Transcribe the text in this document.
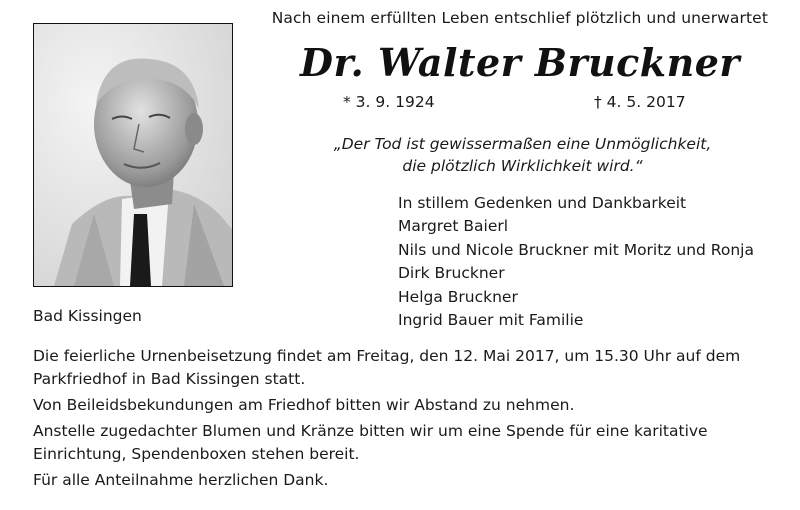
Nach einem erfüllten Leben entschlief plötzlich und unerwartet
Dr. Walter Bruckner
* 3. 9. 1924	† 4. 5. 2017
„Der Tod ist gewissermaßen eine Unmöglichkeit,
die plötzlich Wirklichkeit wird.“
In stillem Gedenken und Dankbarkeit
Margret Baierl
Nils und Nicole Bruckner mit Moritz und Ronja
Dirk Bruckner
Helga Bruckner
Ingrid Bauer mit Familie
Bad Kissingen

Die feierliche Urnenbeisetzung findet am Freitag, den 12. Mai 2017, um 15.30 Uhr auf dem Parkfriedhof in Bad Kissingen statt.

Von Beileidsbekundungen am Friedhof bitten wir Abstand zu nehmen.

Anstelle zugedachter Blumen und Kränze bitten wir um eine Spende für eine karitative Einrichtung, Spendenboxen stehen bereit.

Für alle Anteilnahme herzlichen Dank.
